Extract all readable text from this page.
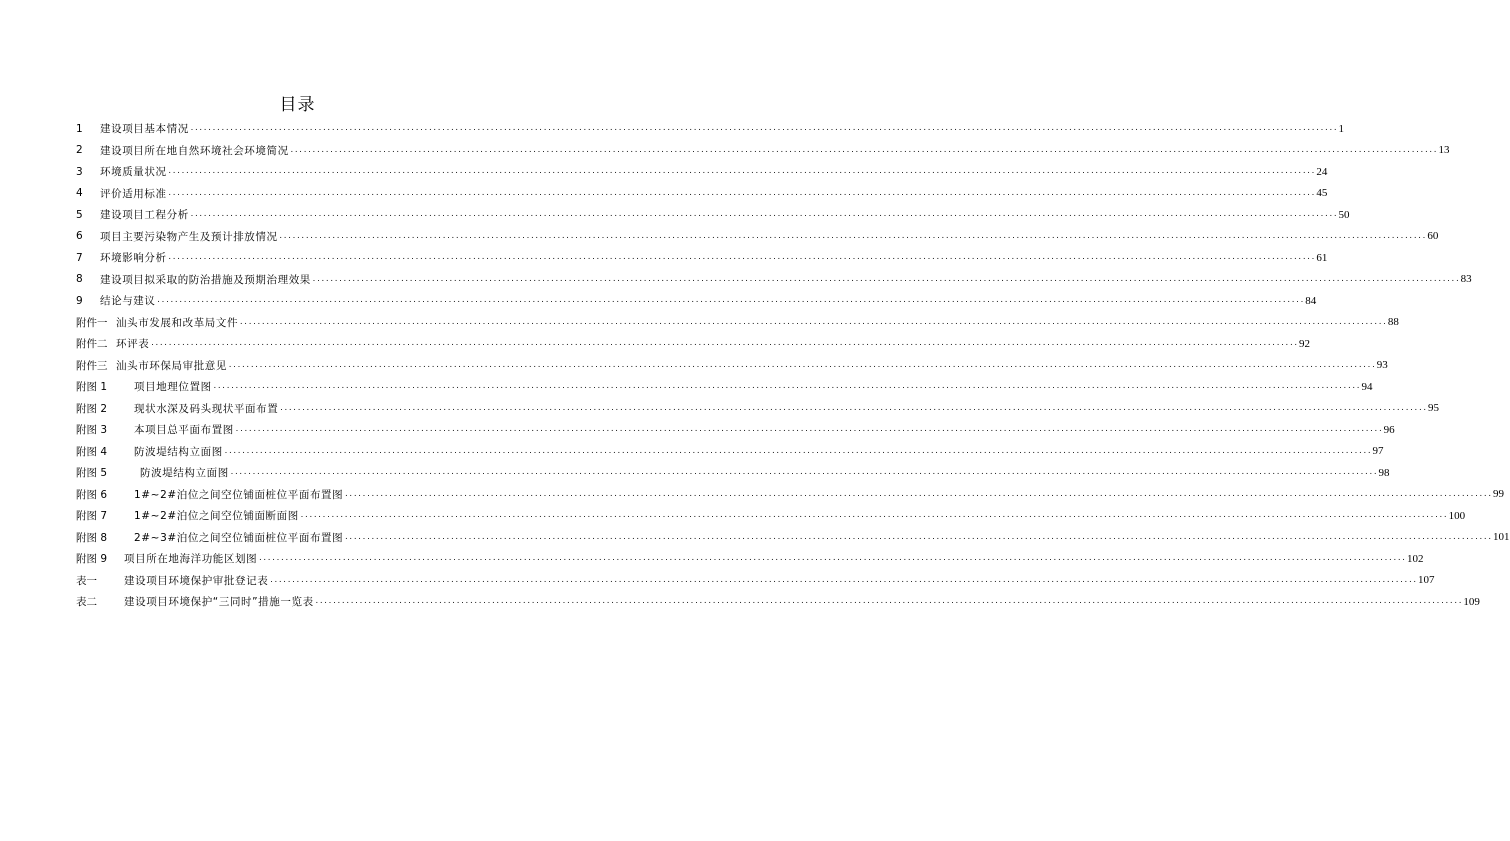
目录
1	建设项目基本情况 .................................................................................................................................................................................................................................................................... 1
2	建设项目所在地自然环境社会环境简况 .................................................................................................................................................................................................................................................................... 13
3	环境质量状况 .................................................................................................................................................................................................................................................................... 24
4	评价适用标准 .................................................................................................................................................................................................................................................................... 45
5	建设项目工程分析 .................................................................................................................................................................................................................................................................... 50
6	项目主要污染物产生及预计排放情况 .................................................................................................................................................................................................................................................................... 60
7	环境影响分析 .................................................................................................................................................................................................................................................................... 61
8	建设项目拟采取的防治措施及预期治理效果 .................................................................................................................................................................................................................................................................... 83
9	结论与建议 .................................................................................................................................................................................................................................................................... 84
附件一 汕头市发展和改革局文件 .................................................................................................................................................................................................................................................................... 88
附件二 环评表 .................................................................................................................................................................................................................................................................... 92
附件三 汕头市环保局审批意见 .................................................................................................................................................................................................................................................................... 93
附图 1	项目地理位置图 .................................................................................................................................................................................................................................................................... 94
附图 2	现状水深及码头现状平面布置 .................................................................................................................................................................................................................................................................... 95
附图 3	本项目总平面布置图 .................................................................................................................................................................................................................................................................... 96
附图 4	防波堤结构立面图 .................................................................................................................................................................................................................................................................... 97
附图 5	防波堤结构立面图 .................................................................................................................................................................................................................................................................... 98
附图 6	1#~2#泊位之间空位铺面桩位平面布置图 .................................................................................................................................................................................................................................................................... 99
附图 7	1#~2#泊位之间空位铺面断面图 .................................................................................................................................................................................................................................................................... 100
附图 8	2#~3#泊位之间空位铺面桩位平面布置图 .................................................................................................................................................................................................................................................................... 101
附图 9	项目所在地海洋功能区划图 .................................................................................................................................................................................................................................................................... 102
表一	建设项目环境保护审批登记表 .................................................................................................................................................................................................................................................................... 107
表二	建设项目环境保护“三同时”措施一览表 .................................................................................................................................................................................................................................................................... 109
